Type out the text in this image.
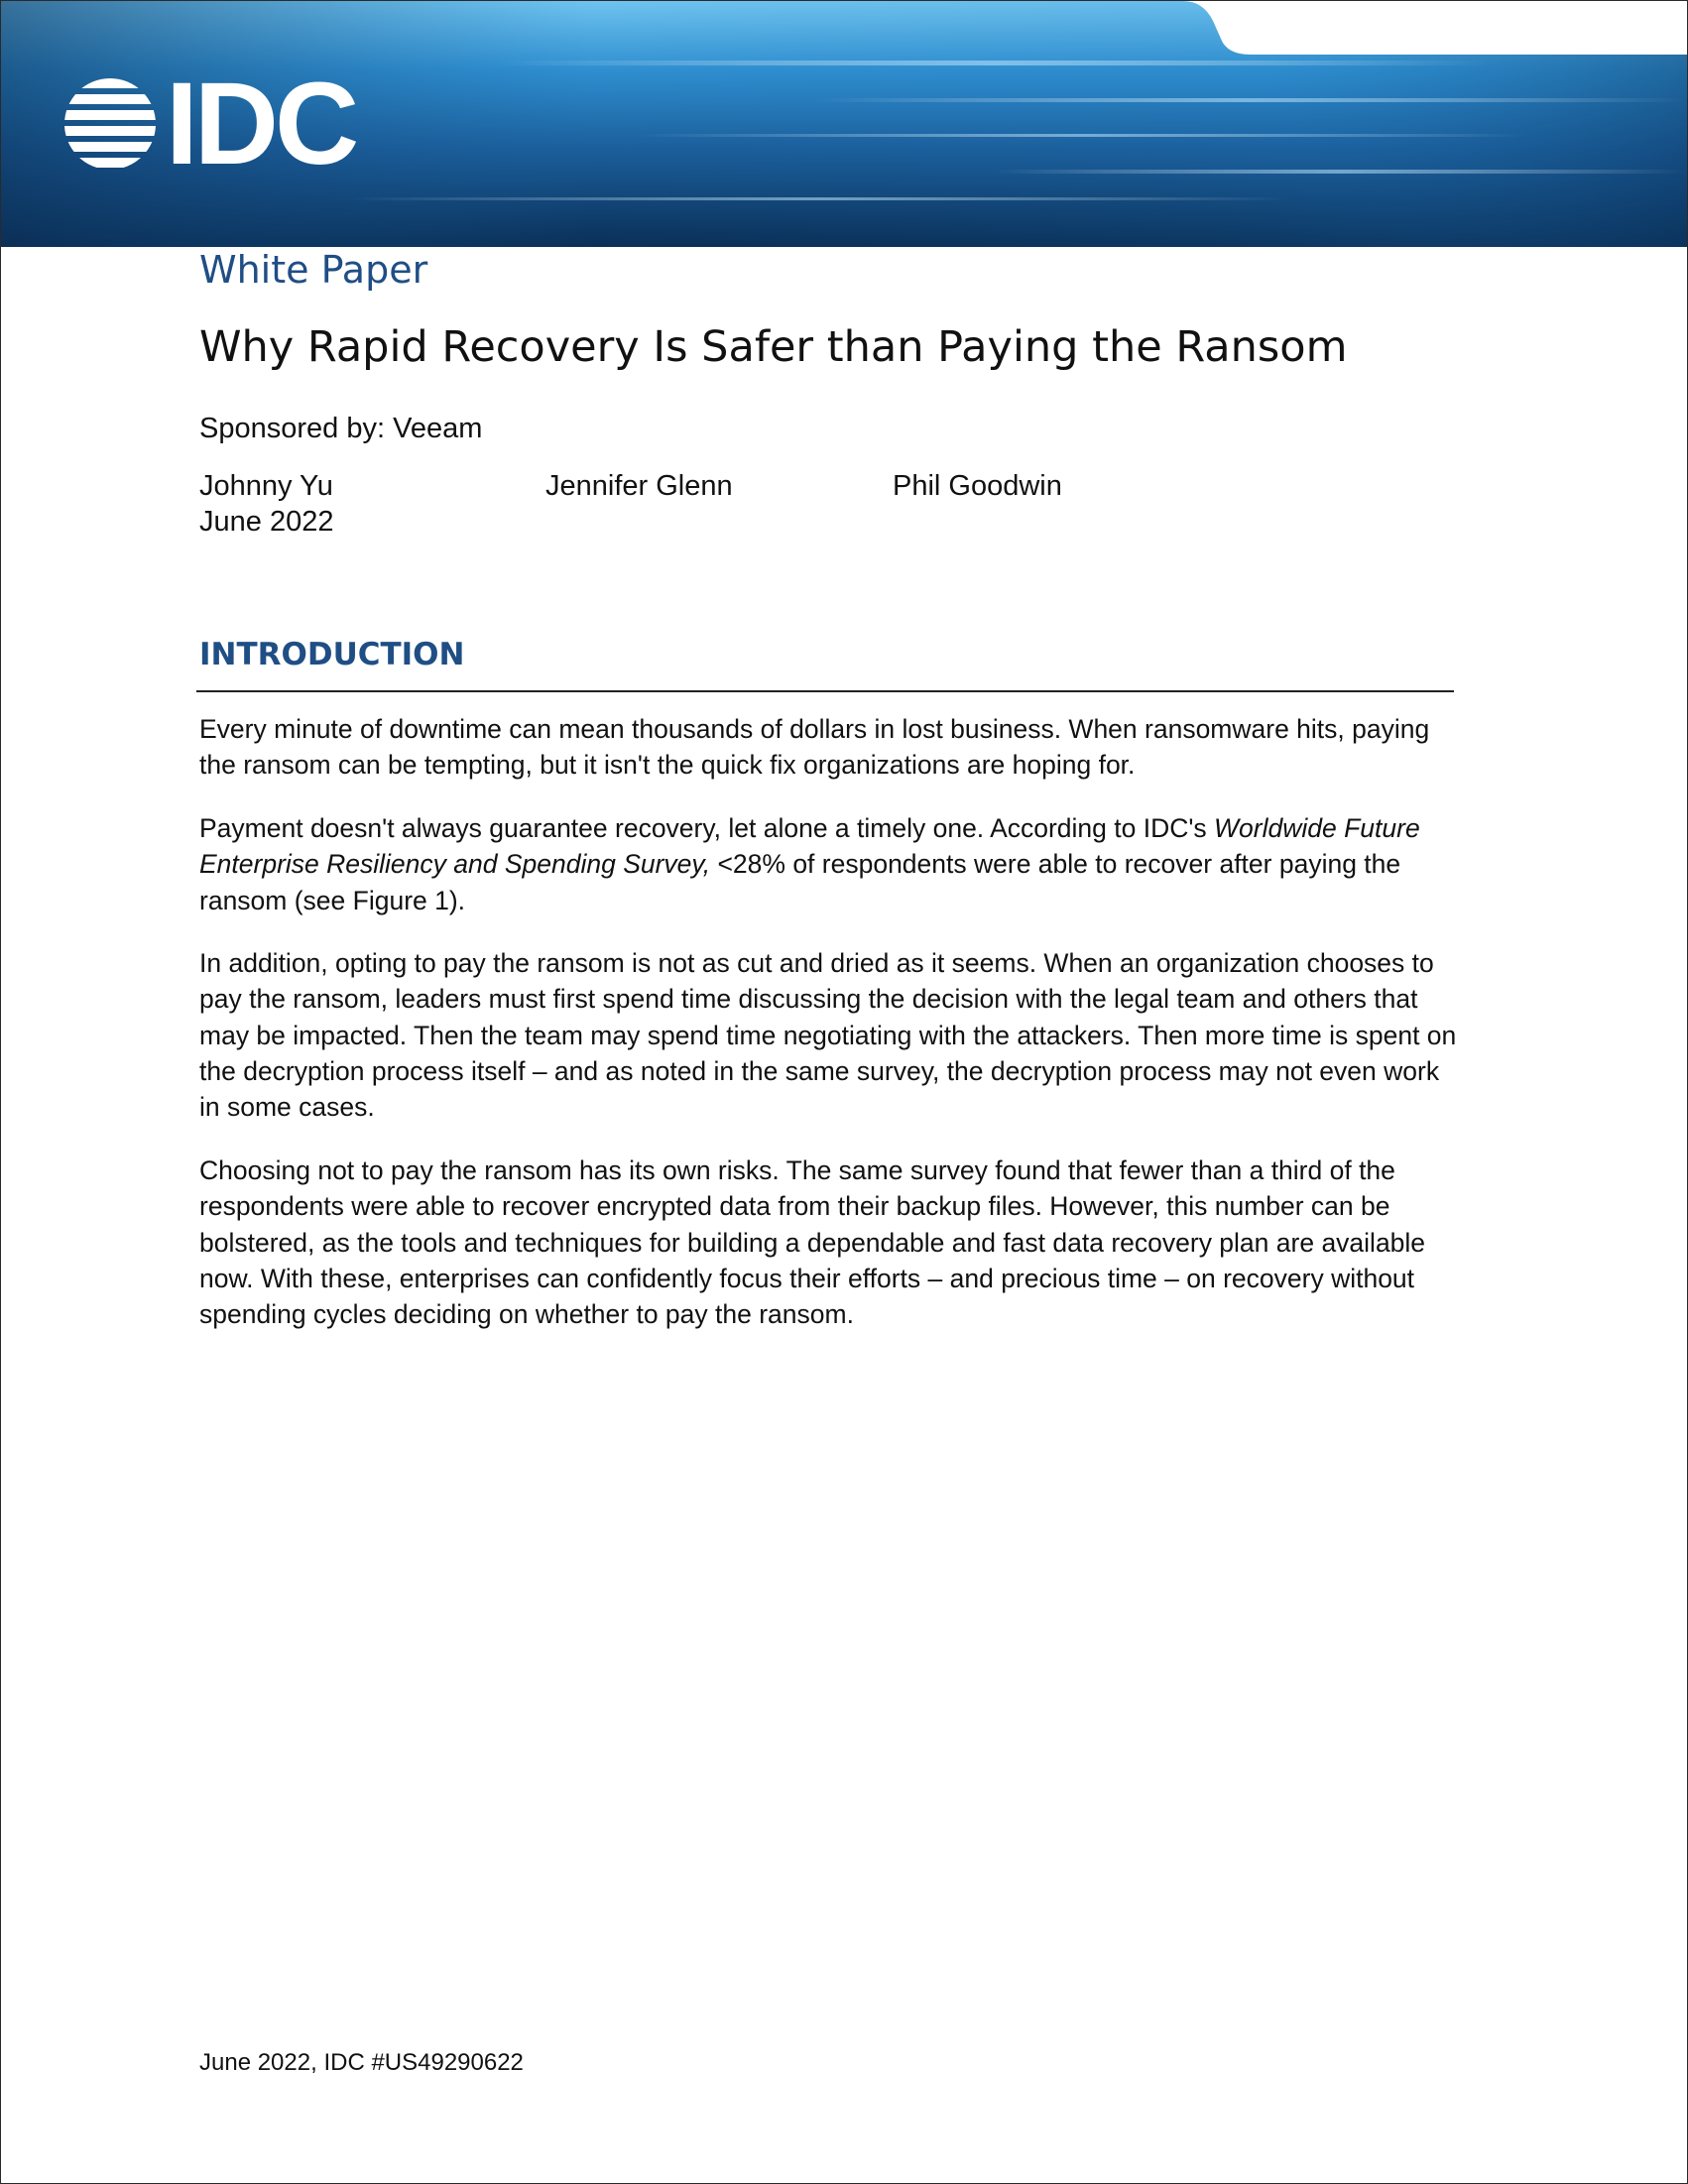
IDC
White Paper
Why Rapid Recovery Is Safer than Paying the Ransom
Sponsored by: Veeam
Johnny Yu	Jennifer Glenn	Phil Goodwin
June 2022
INTRODUCTION

Every minute of downtime can mean thousands of dollars in lost business. When ransomware hits, paying the ransom can be tempting, but it isn't the quick fix organizations are hoping for.

Payment doesn't always guarantee recovery, let alone a timely one. According to IDC's Worldwide Future Enterprise Resiliency and Spending Survey, <28% of respondents were able to recover after paying the ransom (see Figure 1).

In addition, opting to pay the ransom is not as cut and dried as it seems. When an organization chooses to pay the ransom, leaders must first spend time discussing the decision with the legal team and others that may be impacted. Then the team may spend time negotiating with the attackers. Then more time is spent on the decryption process itself – and as noted in the same survey, the decryption process may not even work in some cases.

Choosing not to pay the ransom has its own risks. The same survey found that fewer than a third of the respondents were able to recover encrypted data from their backup files. However, this number can be bolstered, as the tools and techniques for building a dependable and fast data recovery plan are available now. With these, enterprises can confidently focus their efforts – and precious time – on recovery without spending cycles deciding on whether to pay the ransom.

June 2022, IDC #US49290622
